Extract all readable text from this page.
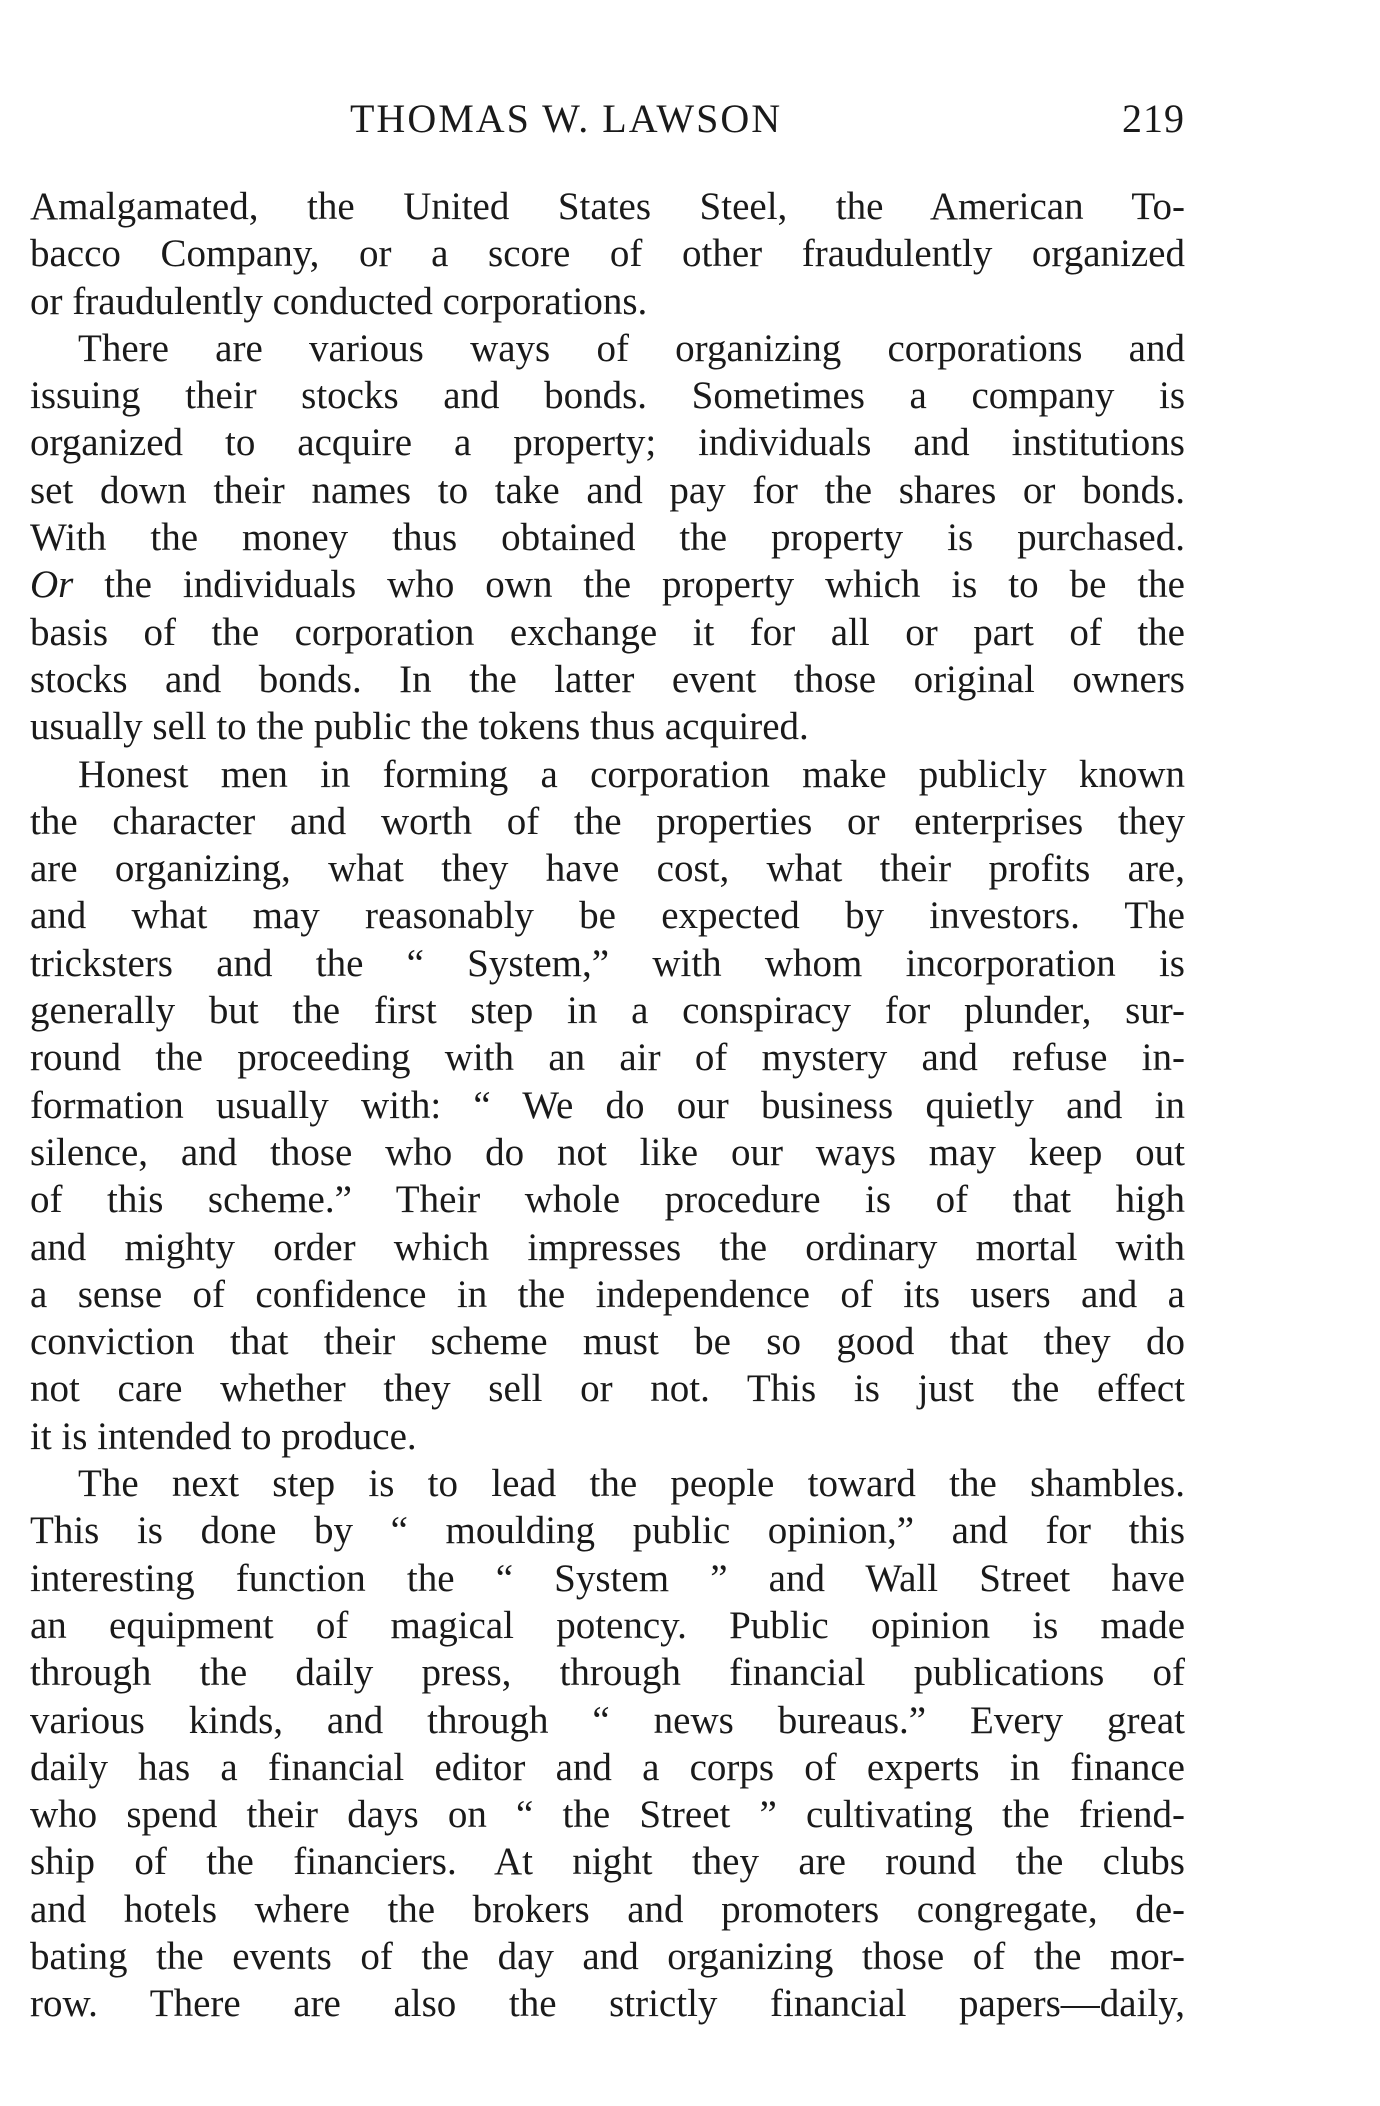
THOMAS W. LAWSON	219
Amalgamated, the United States Steel, the American To-
bacco Company, or a score of other fraudulently organized
or fraudulently conducted corporations.
There are various ways of organizing corporations and
issuing their stocks and bonds. Sometimes a company is
organized to acquire a property; individuals and institutions
set down their names to take and pay for the shares or bonds.
With the money thus obtained the property is purchased.
Or the individuals who own the property which is to be the
basis of the corporation exchange it for all or part of the
stocks and bonds. In the latter event those original owners
usually sell to the public the tokens thus acquired.
Honest men in forming a corporation make publicly known
the character and worth of the properties or enterprises they
are organizing, what they have cost, what their profits are,
and what may reasonably be expected by investors. The
tricksters and the “ System,” with whom incorporation is
generally but the first step in a conspiracy for plunder, sur-
round the proceeding with an air of mystery and refuse in-
formation usually with: “ We do our business quietly and in
silence, and those who do not like our ways may keep out
of this scheme.” Their whole procedure is of that high
and mighty order which impresses the ordinary mortal with
a sense of confidence in the independence of its users and a
conviction that their scheme must be so good that they do
not care whether they sell or not. This is just the effect
it is intended to produce.
The next step is to lead the people toward the shambles.
This is done by “ moulding public opinion,” and for this
interesting function the “ System ” and Wall Street have
an equipment of magical potency. Public opinion is made
through the daily press, through financial publications of
various kinds, and through “ news bureaus.” Every great
daily has a financial editor and a corps of experts in finance
who spend their days on “ the Street ” cultivating the friend-
ship of the financiers. At night they are round the clubs
and hotels where the brokers and promoters congregate, de-
bating the events of the day and organizing those of the mor-
row. There are also the strictly financial papers—daily,
